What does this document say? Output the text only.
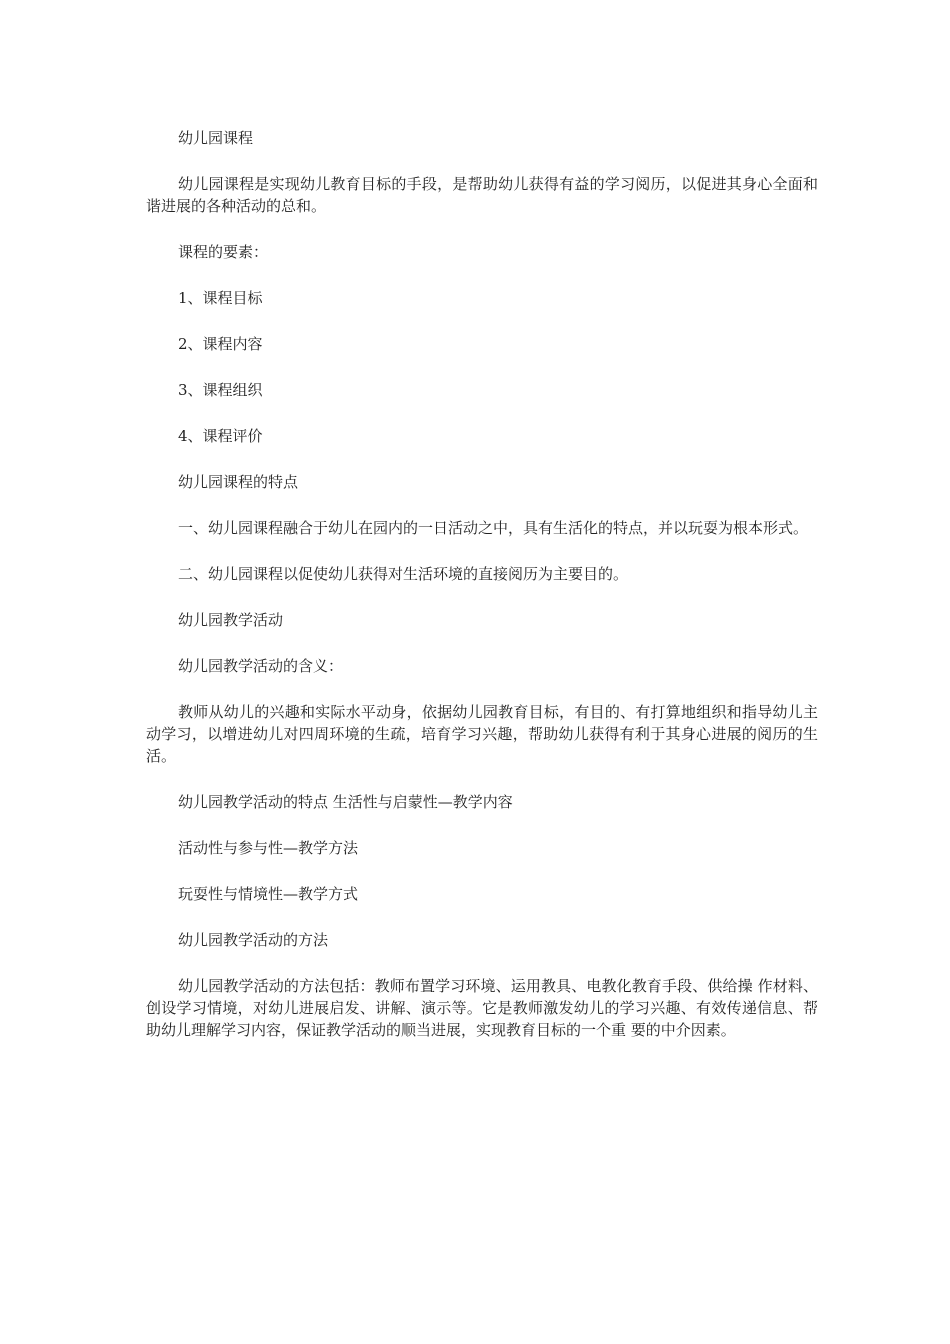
幼儿园课程

幼儿园课程是实现幼儿教育目标的手段，是帮助幼儿获得有益的学习阅历，以促进其身心全面和谐进展的各种活动的总和。

课程的要素：

1、课程目标

2、课程内容

3、课程组织

4、课程评价

幼儿园课程的特点

一、幼儿园课程融合于幼儿在园内的一日活动之中，具有生活化的特点，并以玩耍为根本形式。

二、幼儿园课程以促使幼儿获得对生活环境的直接阅历为主要目的。

幼儿园教学活动

幼儿园教学活动的含义：

教师从幼儿的兴趣和实际水平动身，依据幼儿园教育目标，有目的、有打算地组织和指导幼儿主动学习，以增进幼儿对四周环境的生疏，培育学习兴趣，帮助幼儿获得有利于其身心进展的阅历的生活。

幼儿园教学活动的特点 生活性与启蒙性—教学内容

活动性与参与性—教学方法

玩耍性与情境性—教学方式

幼儿园教学活动的方法

幼儿园教学活动的方法包括：教师布置学习环境、运用教具、电教化教育手段、供给操 作材料、创设学习情境，对幼儿进展启发、讲解、演示等。它是教师激发幼儿的学习兴趣、有效传递信息、帮助幼儿理解学习内容，保证教学活动的顺当进展，实现教育目标的一个重 要的中介因素。
